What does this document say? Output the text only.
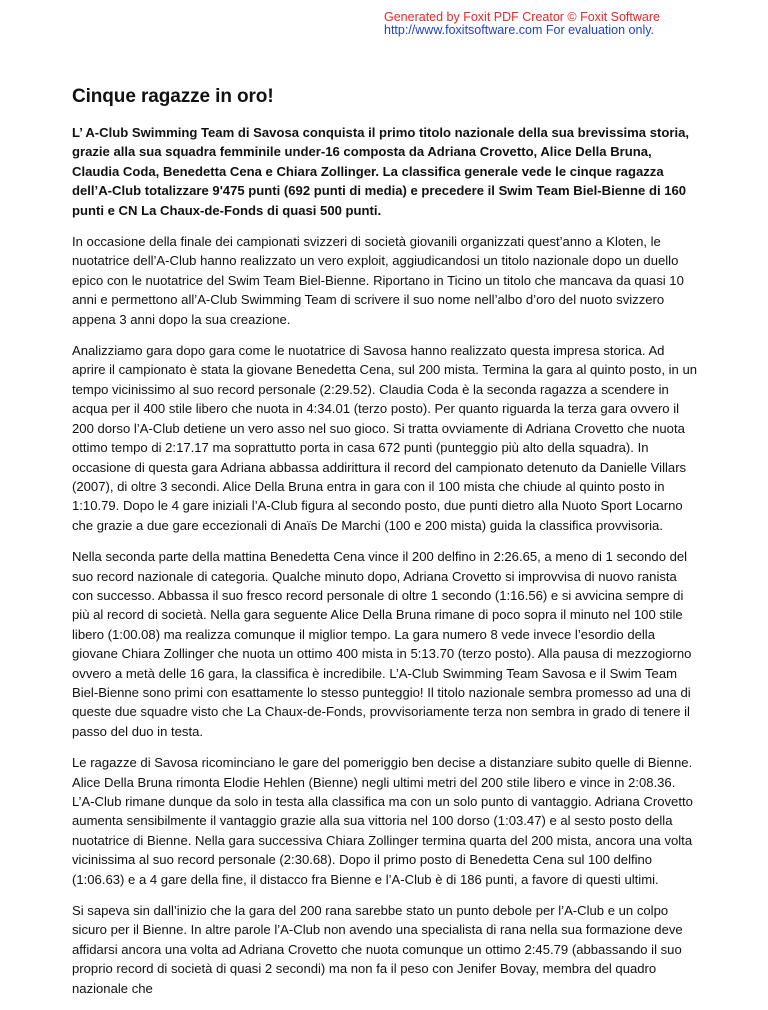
Generated by Foxit PDF Creator © Foxit Software
http://www.foxitsoftware.com For evaluation only.
Cinque ragazze in oro!

L’ A-Club Swimming Team di Savosa conquista il primo titolo nazionale della sua brevissima storia, grazie alla sua squadra femminile under-16 composta da Adriana Crovetto, Alice Della Bruna, Claudia Coda, Benedetta Cena e Chiara Zollinger. La classifica generale vede le cinque ragazza dell’A-Club totalizzare 9'475 punti (692 punti di media) e precedere il Swim Team Biel-Bienne di 160 punti e CN La Chaux-de-Fonds di quasi 500 punti.

In occasione della finale dei campionati svizzeri di società giovanili organizzati quest’anno a Kloten, le nuotatrice dell’A-Club hanno realizzato un vero exploit, aggiudicandosi un titolo nazionale dopo un duello epico con le nuotatrice del Swim Team Biel-Bienne. Riportano in Ticino un titolo che mancava da quasi 10 anni e permettono all’A-Club Swimming Team di scrivere il suo nome nell’albo d’oro del nuoto svizzero appena 3 anni dopo la sua creazione.

Analizziamo gara dopo gara come le nuotatrice di Savosa hanno realizzato questa impresa storica. Ad aprire il campionato è stata la giovane Benedetta Cena, sul 200 mista. Termina la gara al quinto posto, in un tempo vicinissimo al suo record personale (2:29.52). Claudia Coda è la seconda ragazza a scendere in acqua per il 400 stile libero che nuota in 4:34.01 (terzo posto). Per quanto riguarda la terza gara ovvero il 200 dorso l’A-Club detiene un vero asso nel suo gioco. Si tratta ovviamente di Adriana Crovetto che nuota ottimo tempo di 2:17.17 ma soprattutto porta in casa 672 punti (punteggio più alto della squadra). In occasione di questa gara Adriana abbassa addirittura il record del campionato detenuto da Danielle Villars (2007), di oltre 3 secondi. Alice Della Bruna entra in gara con il 100 mista che chiude al quinto posto in 1:10.79. Dopo le 4 gare iniziali l’A-Club figura al secondo posto, due punti dietro alla Nuoto Sport Locarno che grazie a due gare eccezionali di Anaïs De Marchi (100 e 200 mista) guida la classifica provvisoria.

Nella seconda parte della mattina Benedetta Cena vince il 200 delfino in 2:26.65, a meno di 1 secondo del suo record nazionale di categoria. Qualche minuto dopo, Adriana Crovetto si improvvisa di nuovo ranista con successo. Abbassa il suo fresco record personale di oltre 1 secondo (1:16.56) e si avvicina sempre di più al record di società. Nella gara seguente Alice Della Bruna rimane di poco sopra il minuto nel 100 stile libero (1:00.08) ma realizza comunque il miglior tempo. La gara numero 8 vede invece l’esordio della giovane Chiara Zollinger che nuota un ottimo 400 mista in 5:13.70 (terzo posto). Alla pausa di mezzogiorno ovvero a metà delle 16 gara, la classifica è incredibile. L’A-Club Swimming Team Savosa e il Swim Team Biel-Bienne sono primi con esattamente lo stesso punteggio! Il titolo nazionale sembra promesso ad una di queste due squadre visto che La Chaux-de-Fonds, provvisoriamente terza non sembra in grado di tenere il passo del duo in testa.

Le ragazze di Savosa ricominciano le gare del pomeriggio ben decise a distanziare subito quelle di Bienne. Alice Della Bruna rimonta Elodie Hehlen (Bienne) negli ultimi metri del 200 stile libero e vince in 2:08.36. L’A-Club rimane dunque da solo in testa alla classifica ma con un solo punto di vantaggio. Adriana Crovetto aumenta sensibilmente il vantaggio grazie alla sua vittoria nel 100 dorso (1:03.47) e al sesto posto della nuotatrice di Bienne. Nella gara successiva Chiara Zollinger termina quarta del 200 mista, ancora una volta vicinissima al suo record personale (2:30.68). Dopo il primo posto di Benedetta Cena sul 100 delfino (1:06.63) e a 4 gare della fine, il distacco fra Bienne e l’A-Club è di 186 punti, a favore di questi ultimi.

Si sapeva sin dall’inizio che la gara del 200 rana sarebbe stato un punto debole per l’A-Club e un colpo sicuro per il Bienne. In altre parole l’A-Club non avendo una specialista di rana nella sua formazione deve affidarsi ancora una volta ad Adriana Crovetto che nuota comunque un ottimo 2:45.79 (abbassando il suo proprio record di società di quasi 2 secondi) ma non fa il peso con Jenifer Bovay, membra del quadro nazionale che
